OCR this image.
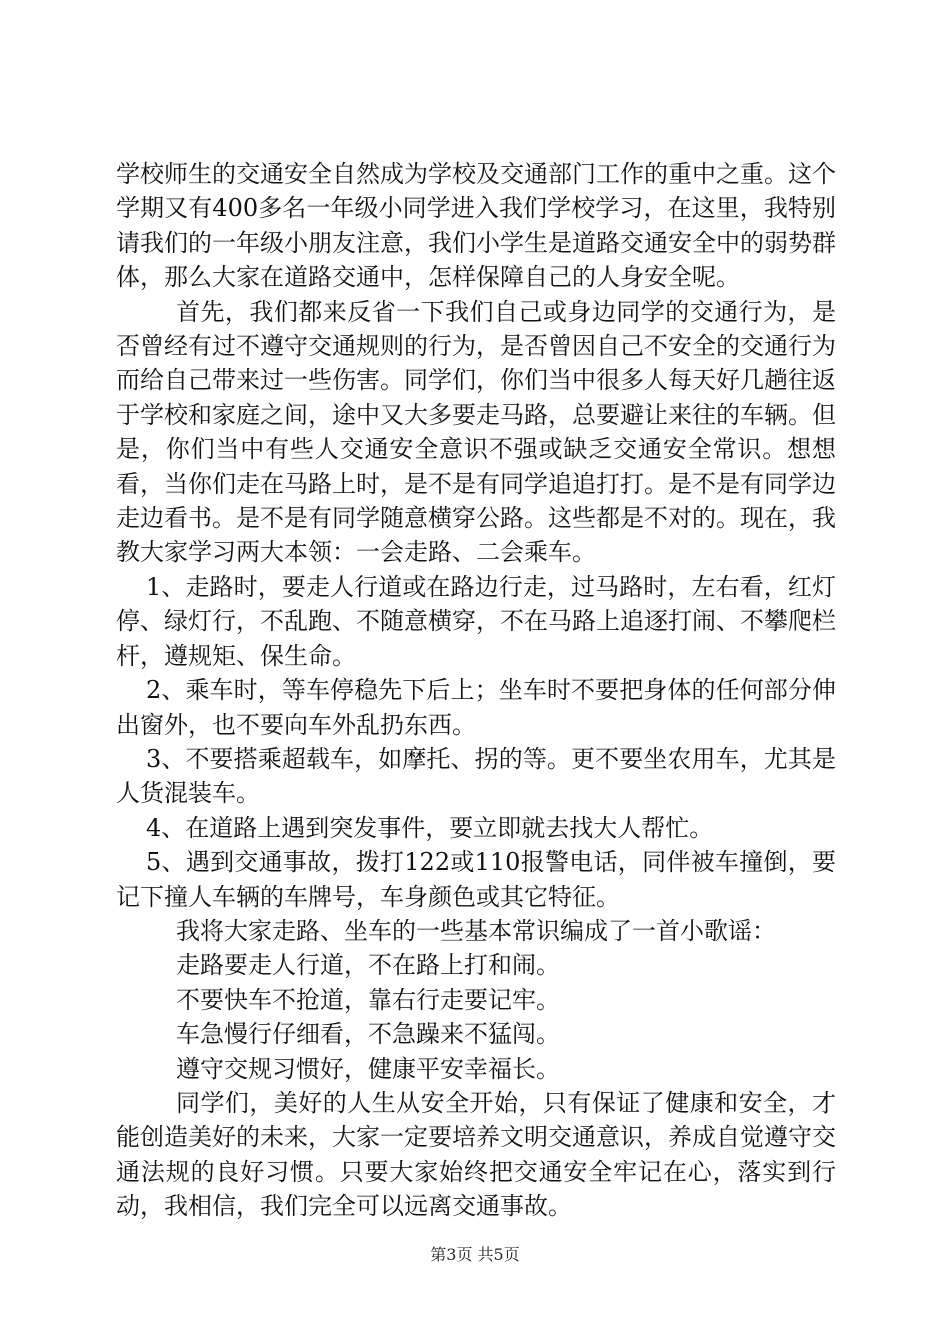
学校师生的交通安全自然成为学校及交通部门工作的重中之重。这个学期又有400多名一年级小同学进入我们学校学习，在这里，我特别请我们的一年级小朋友注意，我们小学生是道路交通安全中的弱势群体，那么大家在道路交通中，怎样保障自己的人身安全呢。

首先，我们都来反省一下我们自己或身边同学的交通行为，是否曾经有过不遵守交通规则的行为，是否曾因自己不安全的交通行为而给自己带来过一些伤害。同学们，你们当中很多人每天好几趟往返于学校和家庭之间，途中又大多要走马路，总要避让来往的车辆。但是，你们当中有些人交通安全意识不强或缺乏交通安全常识。想想看，当你们走在马路上时，是不是有同学追追打打。是不是有同学边走边看书。是不是有同学随意横穿公路。这些都是不对的。现在，我教大家学习两大本领：一会走路、二会乘车。

1、走路时，要走人行道或在路边行走，过马路时，左右看，红灯停、绿灯行，不乱跑、不随意横穿，不在马路上追逐打闹、不攀爬栏杆，遵规矩、保生命。

2、乘车时，等车停稳先下后上；坐车时不要把身体的任何部分伸出窗外，也不要向车外乱扔东西。

3、不要搭乘超载车，如摩托、拐的等。更不要坐农用车，尤其是人货混装车。

4、在道路上遇到突发事件，要立即就去找大人帮忙。

5、遇到交通事故，拨打122或110报警电话，同伴被车撞倒，要记下撞人车辆的车牌号，车身颜色或其它特征。

我将大家走路、坐车的一些基本常识编成了一首小歌谣：

走路要走人行道，不在路上打和闹。

不要快车不抢道，靠右行走要记牢。

车急慢行仔细看，不急躁来不猛闯。

遵守交规习惯好，健康平安幸福长。

同学们，美好的人生从安全开始，只有保证了健康和安全，才能创造美好的未来，大家一定要培养文明交通意识，养成自觉遵守交通法规的良好习惯。只要大家始终把交通安全牢记在心，落实到行动，我相信，我们完全可以远离交通事故。

第3页 共5页
